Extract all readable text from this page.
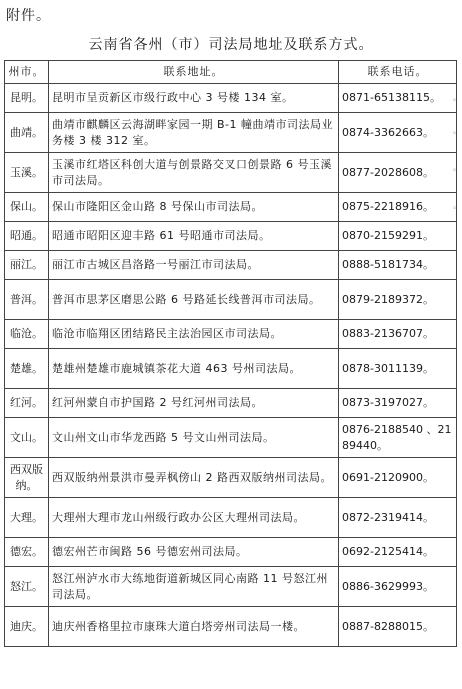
附件。
云南省各州（市）司法局地址及联系方式。
州市。	联系地址。	联系电话。
昆明。	昆明市呈贡新区市级行政中心 3 号楼 134 室。	0871-65138115。
曲靖。	曲靖市麒麟区云海湖畔家园一期 B-1 幢曲靖市司法局业务楼 3 楼 312 室。	0874-3362663。
玉溪。	玉溪市红塔区科创大道与创景路交叉口创景路 6 号玉溪市司法局。	0877-2028608。
保山。	保山市隆阳区金山路 8 号保山市司法局。	0875-2218916。
昭通。	昭通市昭阳区迎丰路 61 号昭通市司法局。	0870-2159291。
丽江。	丽江市古城区昌洛路一号丽江市司法局。	0888-5181734。
普洱。	普洱市思茅区磨思公路 6 号路延长线普洱市司法局。	0879-2189372。
临沧。	临沧市临翔区团结路民主法治园区市司法局。	0883-2136707。
楚雄。	楚雄州楚雄市鹿城镇茶花大道 463 号州司法局。	0878-3011139。
红河。	红河州蒙自市护国路 2 号红河州司法局。	0873-3197027。
文山。	文山州文山市华龙西路 5 号文山州司法局。	0876-2188540 、2189440。
西双版纳。	西双版纳州景洪市曼弄枫傍山 2 路西双版纳州司法局。	0691-2120900。
大理。	大理州大理市龙山州级行政办公区大理州司法局。	0872-2319414。
德宏。	德宏州芒市闽路 56 号德宏州司法局。	0692-2125414。
怒江。	怒江州泸水市大练地街道新城区同心南路 11 号怒江州司法局。	0886-3629993。
迪庆。	迪庆州香格里拉市康珠大道白塔旁州司法局一楼。	0887-8288015。
。
。
。
。
